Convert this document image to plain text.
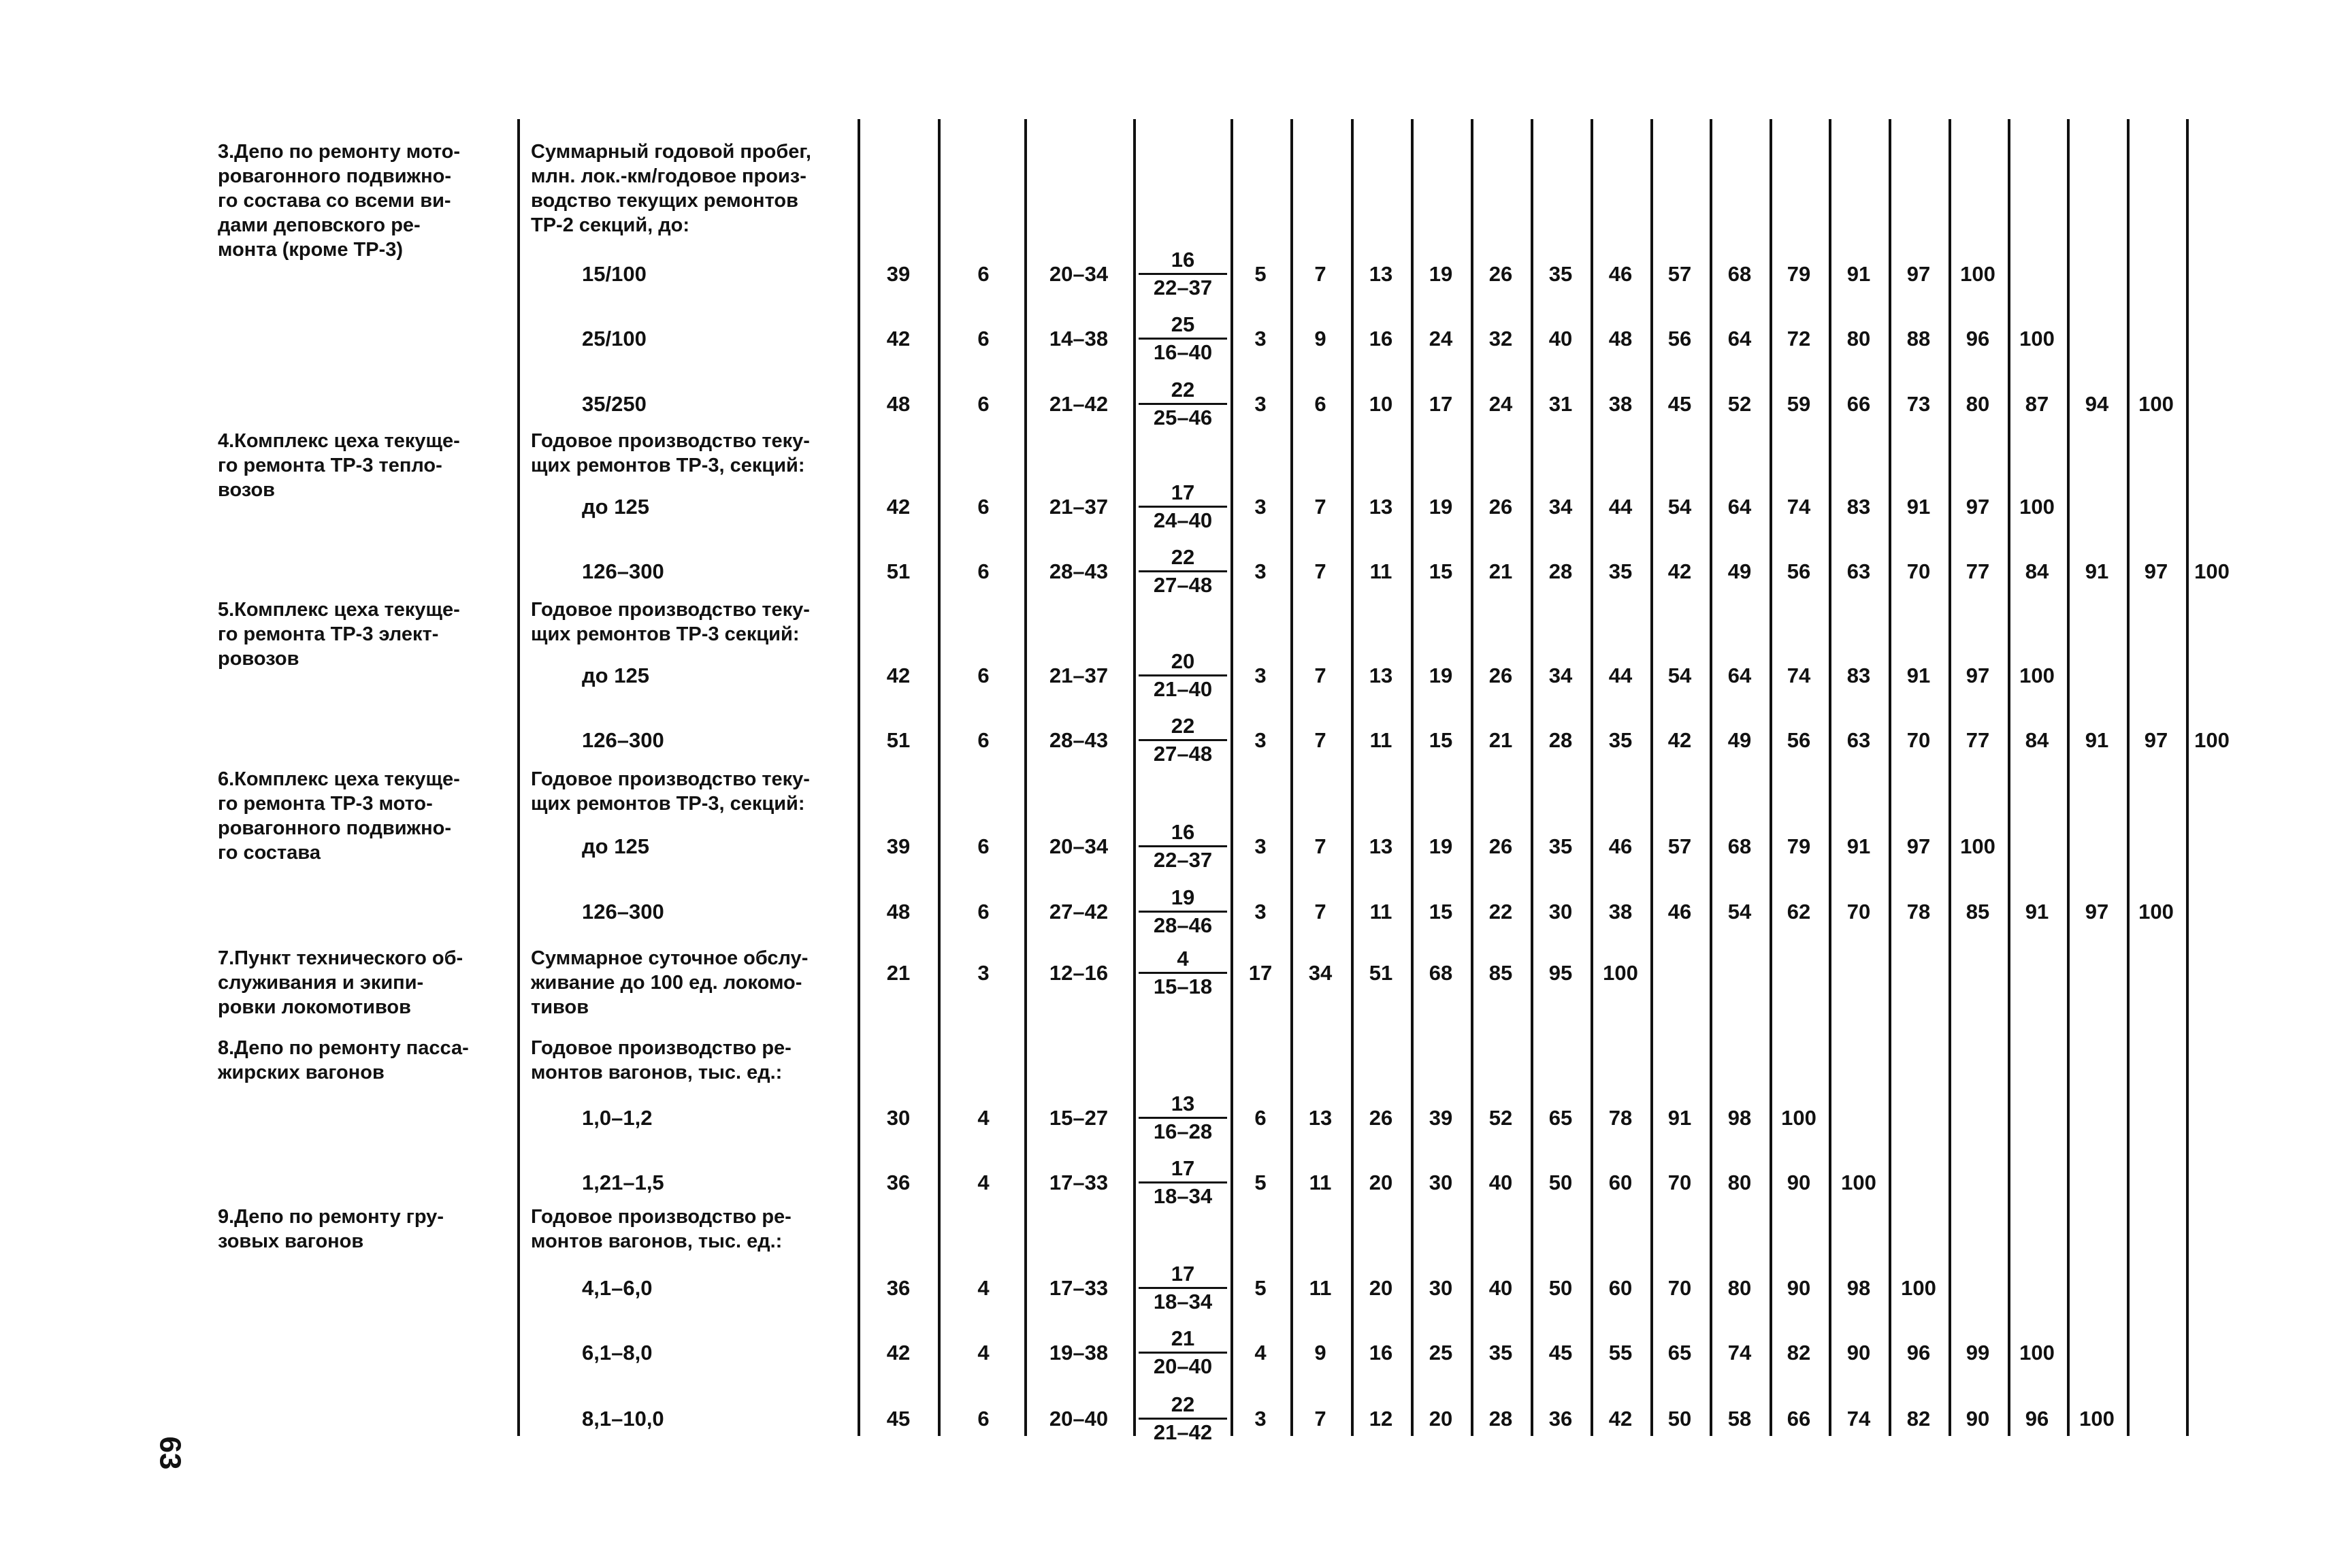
3.Депо по ремонту мото-
ровагонного подвижно-
го состава со всеми ви-
дами деповского ре-
монта (кроме ТР-3)
Суммарный годовой пробег,
млн. лок.-км/годовое произ-
водство текущих ремонтов
ТР-2 секций, до:
15/100	39	6	$20-34 \frac{16}{22-37}$	5	7	13	19	26	35	46	57	68	79	91	97	100
25/100	42	6	$14-38 \frac{25}{16-40}$	3	9	16	24	32	40	48	56	64	72	80	88	96	100
35/250	48	6	$21-42 \frac{22}{25-46}$	3	6	10	17	24	31	38	45	52	59	66	73	80	87	94	100
4.Комплекс цеха текуще-
го ремонта ТР-3 тепло-
возов
Годовое производство теку-
щих ремонтов ТР-3, секций:
до 125	42	6	$21-37 \frac{17}{24-40}$	3	7	13	19	26	34	44	54	64	74	83	91	97	100
126–300	51	6	$28-43 \frac{22}{27-48}$	3	7	11	15	21	28	35	42	49	56	63	70	77	84	91	97	100
5.Комплекс цеха текуще-
го ремонта ТР-3 элект-
ровозов
Годовое производство теку-
щих ремонтов ТР-3 секций:
до 125	42	6	$21-37 \frac{20}{21-40}$	3	7	13	19	26	34	44	54	64	74	83	91	97	100
126–300	51	6	$28-43 \frac{22}{27-48}$	3	7	11	15	21	28	35	42	49	56	63	70	77	84	91	97	100
6.Комплекс цеха текуще-
го ремонта ТР-3 мото-
ровагонного подвижно-
го состава
Годовое производство теку-
щих ремонтов ТР-3, секций:
до 125	39	6	$20-34 \frac{16}{22-37}$	3	7	13	19	26	35	46	57	68	79	91	97	100
126–300	48	6	$27-42 \frac{19}{28-46}$	3	7	11	15	22	30	38	46	54	62	70	78	85	91	97	100
7.Пункт технического об-
служивания и экипи-
ровки локомотивов
Суммарное суточное обслу-
живание до 100 ед. локомо-
тивов
21	3	$12-16 \frac{4}{15-18}$	17	34	51	68	85	95	100
8.Депо по ремонту пасса-
жирских вагонов
Годовое производство ре-
монтов вагонов, тыс. ед.:
1,0–1,2	30	4	$15-27 \frac{13}{16-28}$	6	13	26	39	52	65	78	91	98	100
1,21–1,5	36	4	$17-33 \frac{17}{18-34}$	5	11	20	30	40	50	60	70	80	90	100
9.Депо по ремонту гру-
зовых вагонов
Годовое производство ре-
монтов вагонов, тыс. ед.:
4,1–6,0	36	4	$17-33 \frac{17}{18-34}$	5	11	20	30	40	50	60	70	80	90	98	100
6,1–8,0	42	4	$19-38 \frac{21}{20-40}$	4	9	16	25	35	45	55	65	74	82	90	96	99	100
8,1–10,0	45	6	$20-40 \frac{22}{21-42}$	3	7	12	20	28	36	42	50	58	66	74	82	90	96	100
63
